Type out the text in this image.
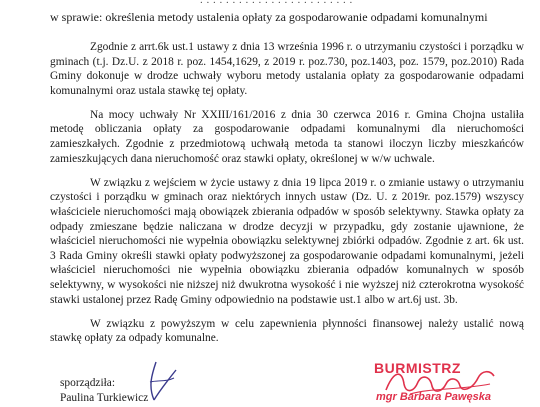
. . . . . . . . . . . . . . . . . . . . . . . .
w sprawie: określenia metody ustalenia opłaty za gospodarowanie odpadami komunalnymi

Zgodnie z arrt.6k ust.1 ustawy z dnia 13 września 1996 r. o utrzymaniu czystości i porządku w gminach (t.j. Dz.U. z 2018 r. poz. 1454,1629, z 2019 r. poz.730, poz.1403, poz. 1579, poz.2010) Rada Gminy dokonuje w drodze uchwały wyboru metody ustalania opłaty za gospodarowanie odpadami komunalnymi oraz ustala stawkę tej opłaty.

Na mocy uchwały Nr XXIII/161/2016 z dnia 30 czerwca 2016 r. Gmina Chojna ustaliła metodę obliczania opłaty za gospodarowanie odpadami komunalnymi dla nieruchomości zamieszkałych. Zgodnie z przedmiotową uchwałą metoda ta stanowi iloczyn liczby mieszkańców zamieszkujących dana nieruchomość oraz stawki opłaty, określonej w w/w uchwale.

W związku z wejściem w życie ustawy z dnia 19 lipca 2019 r. o zmianie ustawy o utrzymaniu czystości i porządku w gminach oraz niektórych innych ustaw (Dz. U. z 2019r. poz.1579) wszyscy właściciele nieruchomości mają obowiązek zbierania odpadów w sposób selektywny. Stawka opłaty za odpady zmieszane będzie naliczana w drodze decyzji w przypadku, gdy zostanie ujawnione, że właściciel nieruchomości nie wypełnia obowiązku selektywnej zbiórki odpadów. Zgodnie z art. 6k ust. 3 Rada Gminy określi stawki opłaty podwyższonej za gospodarowanie odpadami komunalnymi, jeżeli właściciel nieruchomości nie wypełnia obowiązku zbierania odpadów komunalnych w sposób selektywny, w wysokości nie niższej niż dwukrotna wysokość i nie wyższej niż czterokrotna wysokość stawki ustalonej przez Radę Gminy odpowiednio na podstawie ust.1 albo w art.6j ust. 3b.

W związku z powyższym w celu zapewnienia płynności finansowej należy ustalić nową stawkę opłaty za odpady komunalne.

sporządziła:
Paulina Turkiewicz
BURMISTRZ
mgr Barbara Pawęska
